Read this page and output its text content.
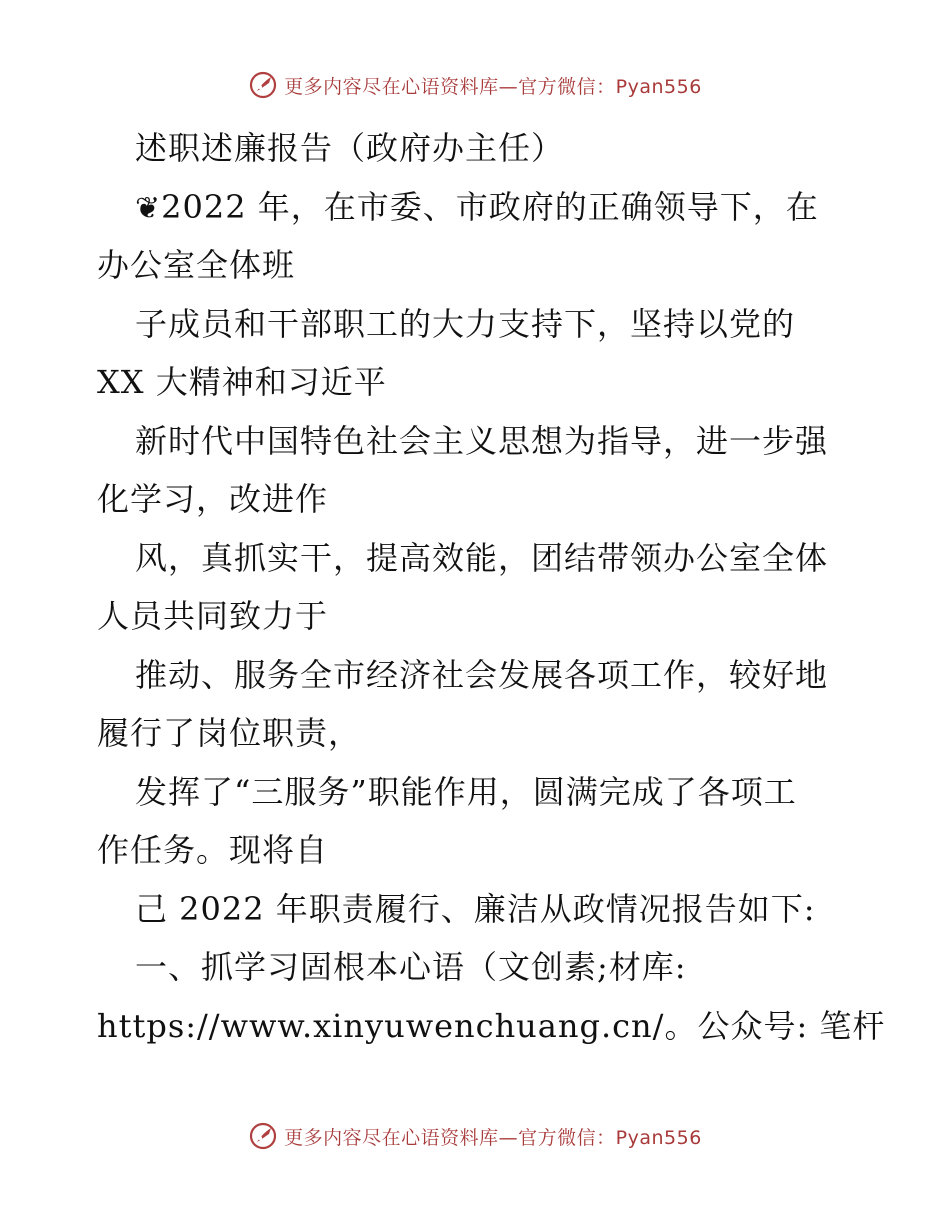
更多内容尽在心语资料库—官方微信：Pyan556
述职述廉报告（政府办主任）
❦2022 年，在市委、市政府的正确领导下，在
办公室全体班
子成员和干部职工的大力支持下，坚持以党的
XX 大精神和习近平
新时代中国特色社会主义思想为指导，进一步强
化学习，改进作
风，真抓实干，提高效能，团结带领办公室全体
人员共同致力于
推动、服务全市经济社会发展各项工作，较好地
履行了岗位职责，
发挥了“三服务”职能作用，圆满完成了各项工
作任务。现将自
己 2022 年职责履行、廉洁从政情况报告如下:
一、抓学习固根本心语（文创素;材库:
https://www.xinyuwenchuang.cn/。公众号: 笔杆
更多内容尽在心语资料库—官方微信：Pyan556
